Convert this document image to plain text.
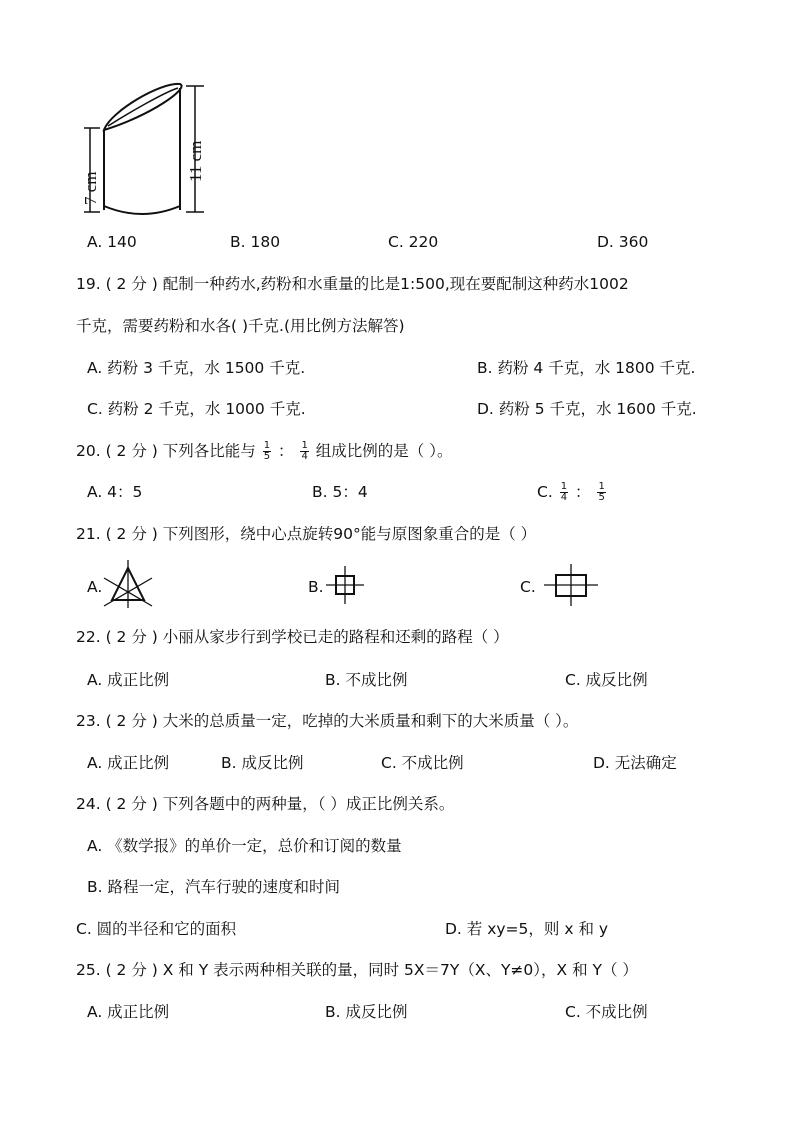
7 cm
11 cm
A. 140	B. 180	C. 220	D. 360
19. ( 2 分 ) 配制一种药水,药粉和水重量的比是1:500,现在要配制这种药水1002
千克，需要药粉和水各( )千克.(用比例方法解答)
A. 药粉 3 千克，水 1500 千克.	B. 药粉 4 千克，水 1800 千克.
C. 药粉 2 千克，水 1000 千克.	D. 药粉 5 千克，水 1600 千克.
20. ( 2 分 ) 下列各比能与 $\frac{1}{5}$ ： $\frac{1}{4}$ 组成比例的是（ ）。
A. 4：5	B. 5：4	C. $\frac{1}{4}$ ： $\frac{1}{5}$
21. ( 2 分 ) 下列图形，绕中心点旋转90°能与原图象重合的是（ ）
A.	B.	C.
22. ( 2 分 ) 小丽从家步行到学校已走的路程和还剩的路程（ ）
A. 成正比例	B. 不成比例	C. 成反比例
23. ( 2 分 ) 大米的总质量一定，吃掉的大米质量和剩下的大米质量（ ）。
A. 成正比例	B. 成反比例	C. 不成比例	D. 无法确定
24. ( 2 分 ) 下列各题中的两种量，（ ）成正比例关系。
A. 《数学报》的单价一定，总价和订阅的数量
B. 路程一定，汽车行驶的速度和时间
C. 圆的半径和它的面积	D. 若 xy=5，则 x 和 y
25. ( 2 分 ) X 和 Y 表示两种相关联的量，同时 5X＝7Y（X、Y≠0），X 和 Y（ ）
A. 成正比例	B. 成反比例	C. 不成比例
